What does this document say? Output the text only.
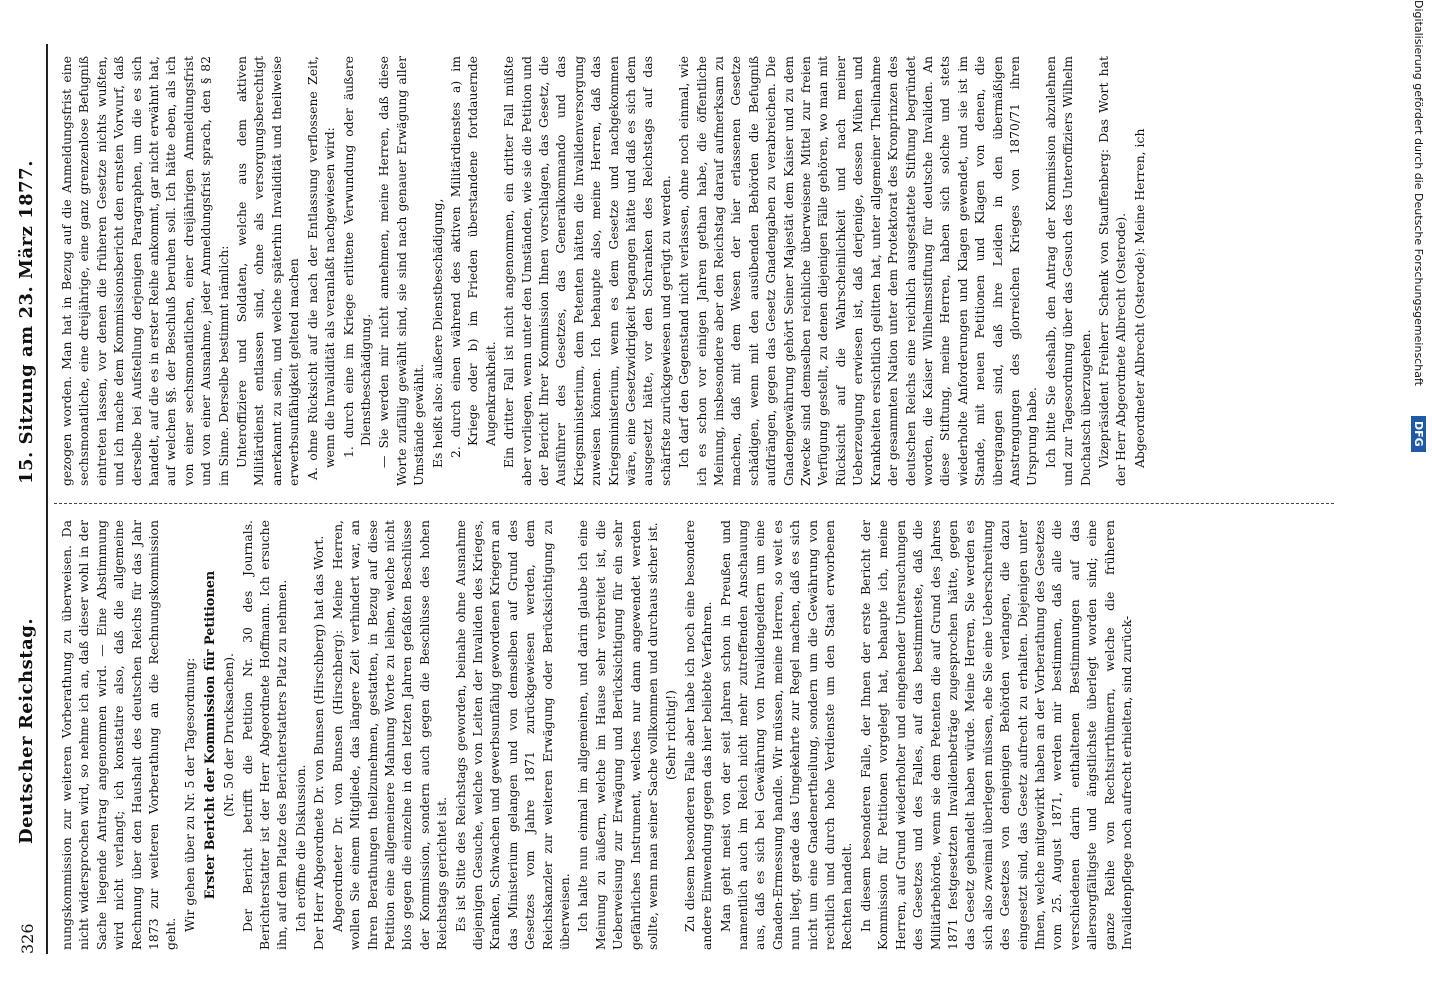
326
Deutscher Reichstag.
15. Sitzung am 23. März 1877.

nungskommission zur weiteren Vorberathung zu überweisen. Da nicht widersprochen wird, so nehme ich an, daß dieser wohl in der Sache liegende Antrag angenommen wird. — Eine Abstimmung wird nicht verlangt; ich konstatire also, daß die allgemeine Rechnung über den Haushalt des deutschen Reichs für das Jahr 1873 zur weiteren Vorberathung an die Rechnungskommission geht.

Wir gehen über zu Nr. 5 der Tagesordnung: Erster Bericht der Kommission für Petitionen (Nr. 50 der Drucksachen). Der Bericht betrifft die Petition Nr. 30 des Journals. Berichterstatter ist der Herr Abgeordnete Hoffmann. Ich ersuche ihn, auf dem Platze des Berichterstatters Platz zu nehmen. Ich eröffne die Diskussion. Der Herr Abgeordnete Dr. von Bunsen (Hirschberg) hat das Wort. Abgeordneter Dr. von Bunsen (Hirschberg): Meine Herren, wollen Sie einem Mitgliede, das längere Zeit verhindert war, an Ihren Berathungen theilzunehmen, gestatten, in Bezug auf diese Petition eine allgemeinere Mahnung Worte zu leihen, welche nicht blos gegen die einzelne in den letzten Jahren gefaßten Beschlüsse der Kommission, sondern auch gegen die Beschlüsse des hohen Reichstags gerichtet ist. Es ist Sitte des Reichstags geworden, beinahe ohne Ausnahme diejenigen Gesuche, welche von Leiten der Invaliden des Krieges, Kranken, Schwachen und gewerbsunfähig gewordenen Kriegern an das Ministerium gelangen und von demselben auf Grund des Gesetzes vom Jahre 1871 zurückgewiesen werden, dem Reichskanzler zur weiteren Erwägung oder Berücksichtigung zu überweisen. Ich halte nun einmal im allgemeinen, und darin glaube ich eine Meinung zu äußern, welche im Hause sehr verbreitet ist, die Ueberweisung zur Erwägung und Berücksichtigung für ein sehr gefährliches Instrument, welches nur dann angewendet werden sollte, wenn man seiner Sache vollkommen und durchaus sicher ist. (Sehr richtig!) Zu diesem besonderen Falle aber habe ich noch eine besondere andere Einwendung gegen das hier beliebte Verfahren. Man geht meist von der seit Jahren schon in Preußen und namentlich auch im Reich nicht mehr zutreffenden Anschauung aus, daß es sich bei Gewährung von Invalidengeldern um eine Gnaden-Ermessung handle. Wir müssen, meine Herren, so weit es nun liegt, gerade das Umgekehrte zur Regel machen, daß es sich nicht um eine Gnadenertheilung, sondern um die Gewährung von rechtlich und durch hohe Verdienste um den Staat erworbenen Rechten handelt. In diesem besonderen Falle, der Ihnen der erste Bericht der Kommission für Petitionen vorgelegt hat, behaupte ich, meine Herren, auf Grund wiederholter und eingehender Untersuchungen des Gesetzes und des Falles, auf das bestimmteste, daß die Militärbehörde, wenn sie dem Petenten die auf Grund des Jahres 1871 festgesetzten Invalidenbeträge zugesprochen hätte, gegen das Gesetz gehandelt haben würde. Meine Herren, Sie werden es sich also zweimal überlegen müssen, ehe Sie eine Ueberschreitung des Gesetzes von denjenigen Behörden verlangen, die dazu eingesetzt sind, das Gesetz aufrecht zu erhalten. Diejenigen unter Ihnen, welche mitgewirkt haben an der Vorberathung des Gesetzes vom 25. August 1871, werden mir bestimmen, daß alle die verschiedenen darin enthaltenen Bestimmungen auf das allersorgfältigste und ängstlichste überlegt worden sind; eine ganze Reihe von Rechtsirrthümern, welche die früheren Invalidenpflege noch aufrecht erhielten, sind zurück-

gezogen worden. Man hat in Bezug auf die Anmeldungsfrist eine sechsmonatliche, eine dreijährige, eine ganz grenzenlose Befugniß eintreten lassen, vor denen die früheren Gesetze nichts wußten, und ich mache dem Kommissionsbericht den ernsten Vorwurf, daß derselbe bei Aufstellung derjenigen Paragraphen, um die es sich handelt, auf die es in erster Reihe ankommt, gar nicht erwähnt hat, auf welchen §§. der Beschluß beruhen soll. Ich hätte eben, als ich von einer sechsmonatlichen, einer dreijährigen Anmeldungsfrist und von einer Ausnahme, jeder Anmeldungsfrist sprach, den § 82 im Sinne. Derselbe bestimmt nämlich: Unteroffiziere und Soldaten, welche aus dem aktiven Militärdienst entlassen sind, ohne als versorgungsberechtigt anerkannt zu sein, und welche späterhin Invalidität und theilweise erwerbsunfähigkeit geltend machen A. ohne Rücksicht auf die nach der Entlassung verflossene Zeit, wenn die Invalidität als veranlaßt nachgewiesen wird: 1. durch eine im Kriege erlittene Verwundung oder äußere Dienstbeschädigung. — Sie werden mir nicht annehmen, meine Herren, daß diese Worte zufällig gewählt sind, sie sind nach genauer Erwägung aller Umstände gewählt. Es heißt also: äußere Dienstbeschädigung, 2. durch einen während des aktiven Militärdienstes a) im Kriege oder b) im Frieden überstandene fortdauernde Augenkrankheit. Ein dritter Fall ist nicht angenommen, ein dritter Fall müßte aber vorliegen, wenn unter den Umständen, wie sie die Petition und der Bericht Ihrer Kommission Ihnen vorschlagen, das Gesetz, die Ausführer des Gesetzes, das Generalkommando und das Kriegsministerium, dem Petenten hätten die Invalidenversorgung zuweisen können. Ich behaupte also, meine Herren, daß das Kriegsministerium, wenn es dem Gesetze und nachgekommen wäre, eine Gesetzwidrigkeit begangen hätte und daß es sich dem ausgesetzt hätte, vor den Schranken des Reichstags auf das schärfste zurückgewiesen und gerügt zu werden. Ich darf den Gegenstand nicht verlassen, ohne noch einmal, wie ich es schon vor einigen Jahren gethan habe, die öffentliche Meinung, insbesondere aber den Reichstag darauf aufmerksam zu machen, daß mit dem Wesen der hier erlassenen Gesetze schädigen, wenn mit den ausübenden Behörden die Befugniß aufdrängen, gegen das Gesetz Gnadengaben zu verabreichen. Die Gnadengewährung gehört Seiner Majestät dem Kaiser und zu dem Zwecke sind demselben reichliche überweisene Mittel zur freien Verfügung gestellt, zu denen diejenigen Fälle gehören, wo man mit Rücksicht auf die Wahrscheinlichkeit und nach meiner Ueberzeugung erwiesen ist, daß derjenige, dessen Mühen und Krankheiten ersichtlich gelitten hat, unter allgemeiner Theilnahme der gesammten Nation unter dem Protektorat des Kronprinzen des deutschen Reichs eine reichlich ausgestattete Stiftung begründet worden, die Kaiser Wilhelmsstiftung für deutsche Invaliden. An diese Stiftung, meine Herren, haben sich solche und stets wiederholte Anforderungen und Klagen gewendet, und sie ist im Stande, mit neuen Petitionen und Klagen von denen, die übergangen sind, daß ihre Leiden in den übermäßigen Anstrengungen des glorreichen Krieges von 1870/71 ihren Ursprung habe. Ich bitte Sie deshalb, den Antrag der Kommission abzulehnen und zur Tagesordnung über das Gesuch des Unteroffiziers Wilhelm Duchatsch überzugehen. Vizepräsident Freiherr Schenk von Stauffenberg: Das Wort hat der Herr Abgeordnete Albrecht (Osterode). Abgeordneter Albrecht (Osterode): Meine Herren, ich	Digitalisierung gefördert durch die Deutsche Forschungsgemeinschaft
DFG
